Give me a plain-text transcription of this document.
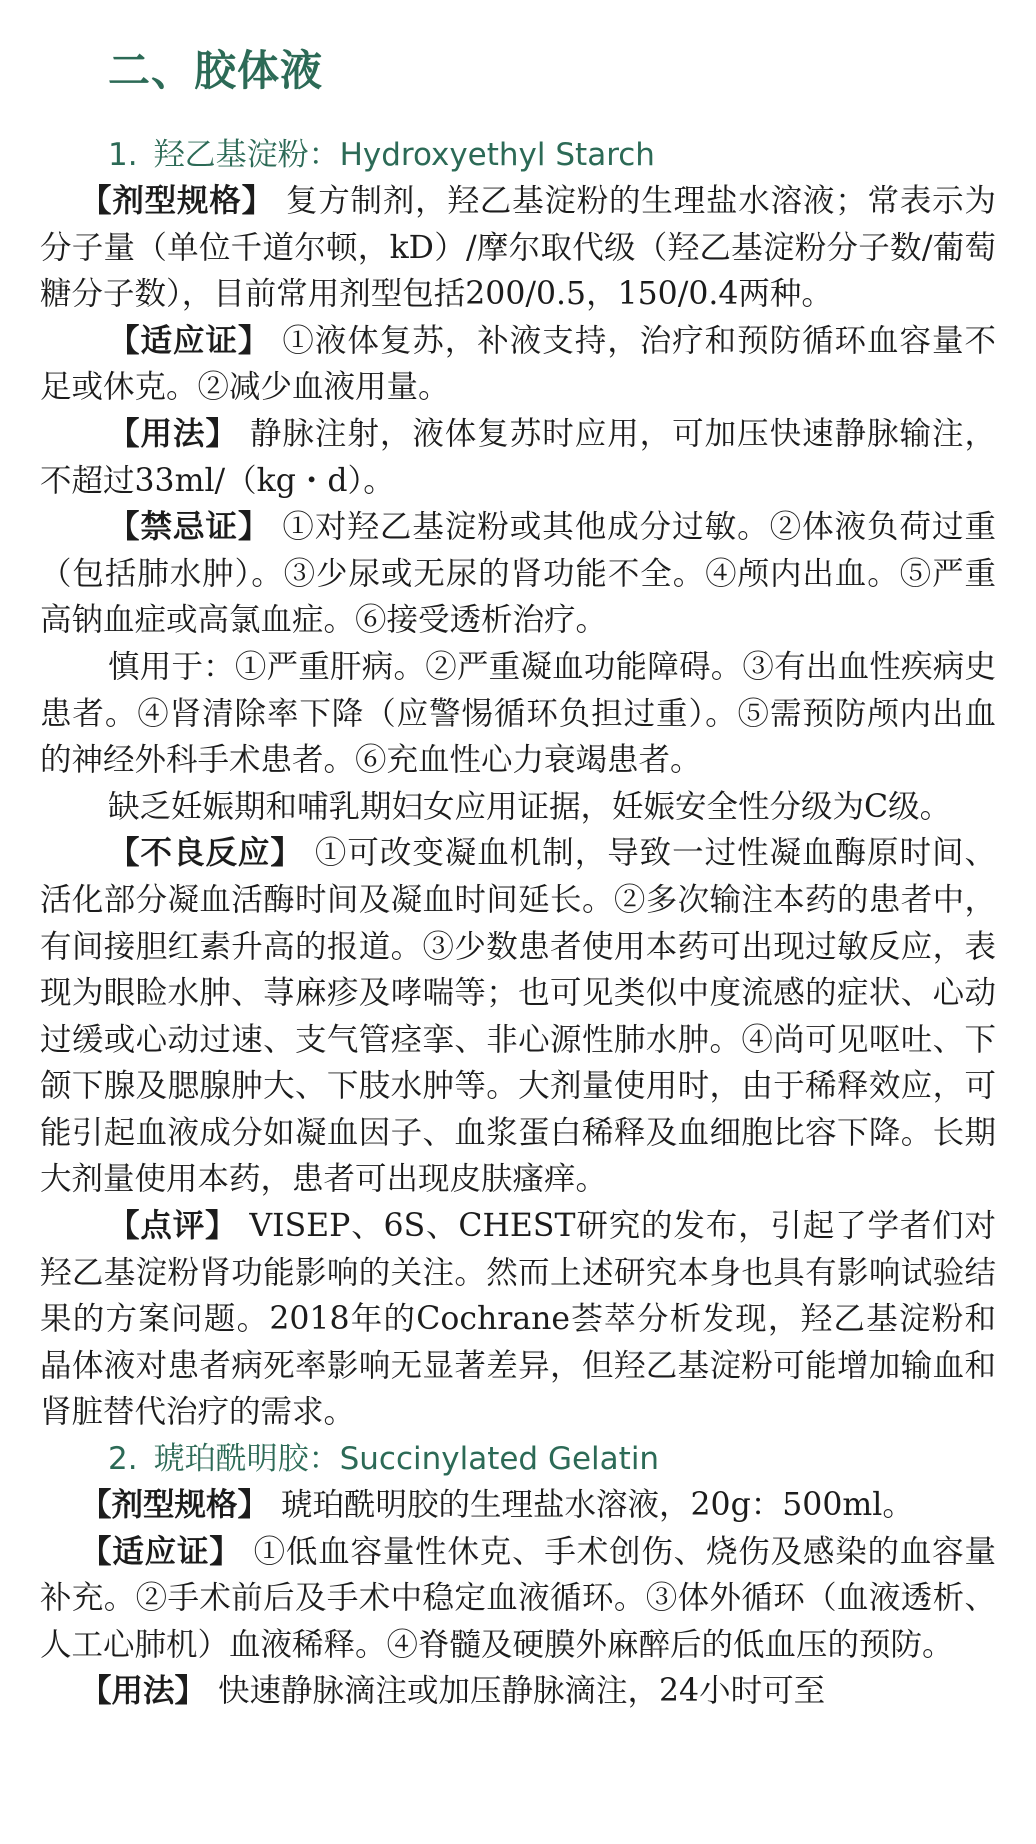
二、胶体液
1. 羟乙基淀粉：Hydroxyethyl Starch

【剂型规格】 复方制剂，羟乙基淀粉的生理盐水溶液；常表示为分子量（单位千道尔顿，kD）/摩尔取代级（羟乙基淀粉分子数/葡萄糖分子数），目前常用剂型包括200/0.5，150/0.4两种。

【适应证】 ①液体复苏，补液支持，治疗和预防循环血容量不足或休克。②减少血液用量。

【用法】 静脉注射，液体复苏时应用，可加压快速静脉输注，不超过33ml/（kg・d）。

【禁忌证】 ①对羟乙基淀粉或其他成分过敏。②体液负荷过重（包括肺水肿）。③少尿或无尿的肾功能不全。④颅内出血。⑤严重高钠血症或高氯血症。⑥接受透析治疗。

慎用于：①严重肝病。②严重凝血功能障碍。③有出血性疾病史患者。④肾清除率下降（应警惕循环负担过重）。⑤需预防颅内出血的神经外科手术患者。⑥充血性心力衰竭患者。

缺乏妊娠期和哺乳期妇女应用证据，妊娠安全性分级为C级。

【不良反应】 ①可改变凝血机制，导致一过性凝血酶原时间、活化部分凝血活酶时间及凝血时间延长。②多次输注本药的患者中，有间接胆红素升高的报道。③少数患者使用本药可出现过敏反应，表现为眼睑水肿、荨麻疹及哮喘等；也可见类似中度流感的症状、心动过缓或心动过速、支气管痉挛、非心源性肺水肿。④尚可见呕吐、下颌下腺及腮腺肿大、下肢水肿等。大剂量使用时，由于稀释效应，可能引起血液成分如凝血因子、血浆蛋白稀释及血细胞比容下降。长期大剂量使用本药，患者可出现皮肤瘙痒。

【点评】 VISEP、6S、CHEST研究的发布，引起了学者们对羟乙基淀粉肾功能影响的关注。然而上述研究本身也具有影响试验结果的方案问题。2018年的Cochrane荟萃分析发现，羟乙基淀粉和晶体液对患者病死率影响无显著差异，但羟乙基淀粉可能增加输血和肾脏替代治疗的需求。

2. 琥珀酰明胶：Succinylated Gelatin

【剂型规格】 琥珀酰明胶的生理盐水溶液，20g：500ml。

【适应证】 ①低血容量性休克、手术创伤、烧伤及感染的血容量补充。②手术前后及手术中稳定血液循环。③体外循环（血液透析、人工心肺机）血液稀释。④脊髓及硬膜外麻醉后的低血压的预防。

【用法】 快速静脉滴注或加压静脉滴注，24小时可至
